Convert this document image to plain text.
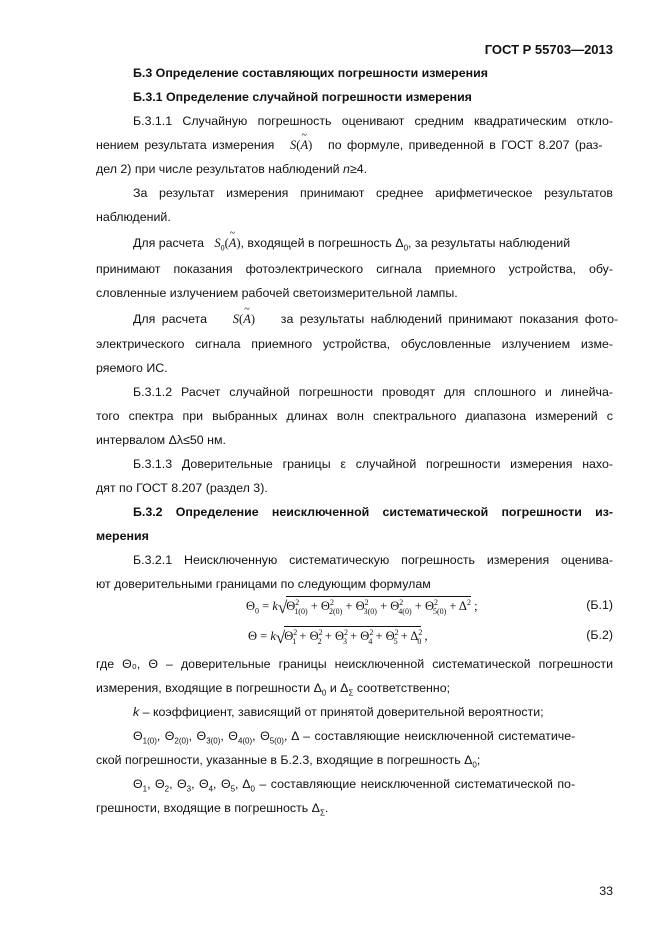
ГОСТ Р 55703—2013
Б.3 Определение составляющих погрешности измерения
Б.3.1 Определение случайной погрешности измерения
Б.3.1.1 Случайную погрешность оценивают средним квадратическим откло-
нением результата измерения S(
~
A) по формуле, приведенной в ГОСТ 8.207 (раз-
дел 2) при числе результатов наблюдений n≥4.
За результат измерения принимают среднее арифметическое результатов
наблюдений.
Для расчета $S_0$(
~
A), входящей в погрешность $\Delta_0$, за результаты наблюдений
принимают показания фотоэлектрического сигнала приемного устройства, обу-
словленные излучением рабочей светоизмерительной лампы.
Для расчета S(
~
A) за результаты наблюдений принимают показания фото-
электрического сигнала приемного устройства, обусловленные излучением изме-
ряемого ИС.
Б.3.1.2 Расчет случайной погрешности проводят для сплошного и линейча-
того спектра при выбранных длинах волн спектрального диапазона измерений с
интервалом Δλ≤50 нм.
Б.3.1.3 Доверительные границы ε случайной погрешности измерения нахо-
дят по ГОСТ 8.207 (раздел 3).
Б.3.2 Определение неисключенной систематической погрешности из-
мерения
Б.3.2.1 Неисключенную систематическую погрешность измерения оценива-
ют доверительными границами по следующим формулам
$\Theta_0 = k√\Theta^2_{1(0)} + \Theta^2_{2(0)} + \Theta^2_{3(0)} + \Theta^2_{4(0)} + \Theta^2_{5(0)} + \Delta^2$ ;	(Б.1)
$\Theta = k√\Theta^2_1 + \Theta^2_2 + \Theta^2_3 + \Theta^2_4 + \Theta^2_5 + \Delta^2_0$ ,	(Б.2)
где Θ₀, Θ – доверительные границы неисключенной систематической погрешности
измерения, входящие в погрешности $\Delta_0$ и $\Delta_\Sigma$ соответственно;
k – коэффициент, зависящий от принятой доверительной вероятности;
$\Theta_{1(0)}$, $\Theta_{2(0)}$, $\Theta_{3(0)}$, $\Theta_{4(0)}$, $\Theta_{5(0)}$, Δ – составляющие неисключенной систематиче-
ской погрешности, указанные в Б.2.3, входящие в погрешность $\Delta_0$;
$\Theta_1$, $\Theta_2$, $\Theta_3$, $\Theta_4$, $\Theta_5$, $\Delta_0$ – составляющие неисключенной систематической по-
грешности, входящие в погрешность $\Delta_\Sigma$.
33
